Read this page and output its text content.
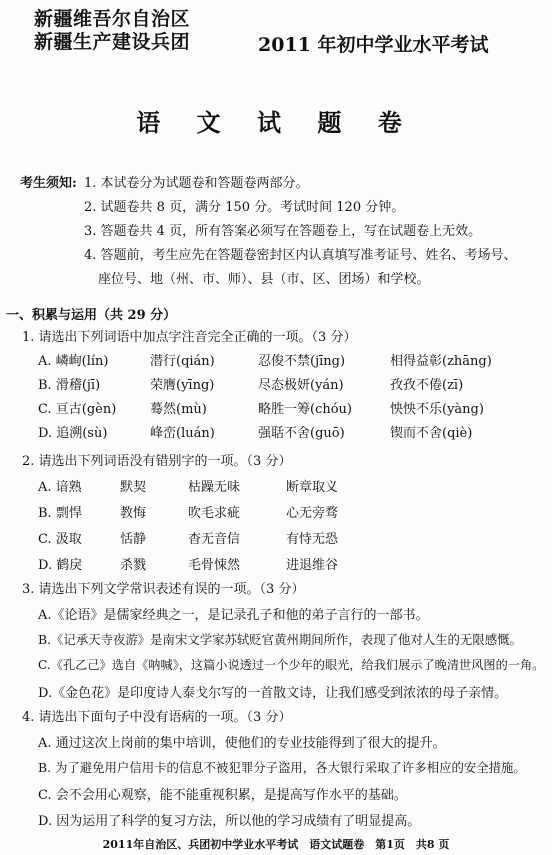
新疆维吾尔自治区
新疆生产建设兵团	2011 年初中学业水平考试
语 文 试 题 卷
考生须知: 1. 本试卷分为试题卷和答题卷两部分。
2. 试题卷共 8 页，满分 150 分。考试时间 120 分钟。
3. 答题卷共 4 页，所有答案必须写在答题卷上，写在试题卷上无效。
4. 答题前，考生应先在答题卷密封区内认真填写准考证号、姓名、考场号、
座位号、地（州、市、师）、县（市、区、团场）和学校。
一、积累与运用（共 29 分）
1. 请选出下列词语中加点字注音完全正确的一项。（3 分）
A. 嶙峋(lín)	潜行(qián)	忍俊不禁(jīng)	相得益彰(zhāng)
B. 滑稽(jī)	荣膺(yīng)	尽态极妍(yán)	孜孜不倦(zī)
C. 亘古(gèn)	蓦然(mù)	略胜一筹(chóu)	怏怏不乐(yàng)
D. 追溯(sù)	峰峦(luán)	强聒不舍(guō)	锲而不舍(qiè)
2. 请选出下列词语没有错别字的一项。（3 分）
A. 谙熟	默契	枯躁无味	断章取义
B. 剽悍	教悔	吹毛求疵	心无旁骛
C. 汲取	恬静	杳无音信	有恃无恐
D. 鹤戾	杀戮	毛骨悚然	进退维谷
3. 请选出下列文学常识表述有误的一项。（3 分）
A.《论语》是儒家经典之一，是记录孔子和他的弟子言行的一部书。
B.《记承天寺夜游》是南宋文学家苏轼贬官黄州期间所作，表现了他对人生的无限感慨。
C.《孔乙己》选自《呐喊》，这篇小说透过一个少年的眼光，给我们展示了晚清世风图的一角。
D.《金色花》是印度诗人泰戈尔写的一首散文诗，让我们感受到浓浓的母子亲情。
4. 请选出下面句子中没有语病的一项。（3 分）
A. 通过这次上岗前的集中培训，使他们的专业技能得到了很大的提升。
B. 为了避免用户信用卡的信息不被犯罪分子盗用，各大银行采取了许多相应的安全措施。
C. 会不会用心观察，能不能重视积累，是提高写作水平的基础。
D. 因为运用了科学的复习方法，所以他的学习成绩有了明显提高。
2011年自治区、兵团初中学业水平考试　语文试题卷　第1页　共8 页
